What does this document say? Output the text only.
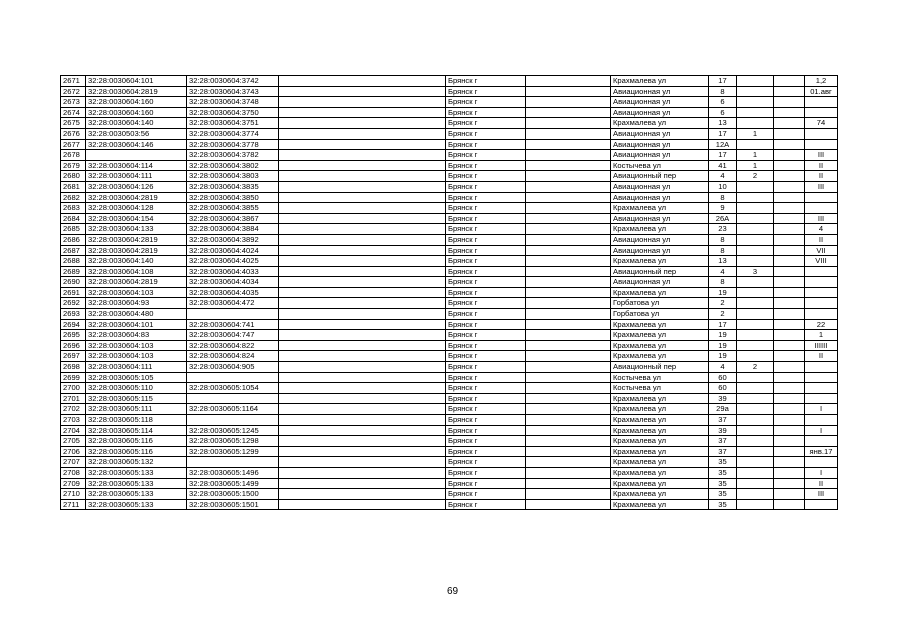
2671	32:28:0030604:101	32:28:0030604:3742		Брянск г		Крахмалева ул	17			1,2
2672	32:28:0030604:2819	32:28:0030604:3743		Брянск г		Авиационная ул	8			01.авг
2673	32:28:0030604:160	32:28:0030604:3748		Брянск г		Авиационная ул	6			
2674	32:28:0030604:160	32:28:0030604:3750		Брянск г		Авиационная ул	6			
2675	32:28:0030604:140	32:28:0030604:3751		Брянск г		Крахмалева ул	13			74
2676	32:28:0030503:56	32:28:0030604:3774		Брянск г		Авиационная ул	17	1		
2677	32:28:0030604:146	32:28:0030604:3778		Брянск г		Авиационная ул	12А			
2678		32:28:0030604:3782		Брянск г		Авиационная ул	17	1		III
2679	32:28:0030604:114	32:28:0030604:3802		Брянск г		Костычева ул	41	1		II
2680	32:28:0030604:111	32:28:0030604:3803		Брянск г		Авиационный пер	4	2		II
2681	32:28:0030604:126	32:28:0030604:3835		Брянск г		Авиационная ул	10			III
2682	32:28:0030604:2819	32:28:0030604:3850		Брянск г		Авиационная ул	8			
2683	32:28:0030604:128	32:28:0030604:3855		Брянск г		Крахмалева ул	9			
2684	32:28:0030604:154	32:28:0030604:3867		Брянск г		Авиационная ул	26А			III
2685	32:28:0030604:133	32:28:0030604:3884		Брянск г		Крахмалева ул	23			4
2686	32:28:0030604:2819	32:28:0030604:3892		Брянск г		Авиационная ул	8			II
2687	32:28:0030604:2819	32:28:0030604:4024		Брянск г		Авиационная ул	8			VII
2688	32:28:0030604:140	32:28:0030604:4025		Брянск г		Крахмалева ул	13			VIII
2689	32:28:0030604:108	32:28:0030604:4033		Брянск г		Авиационный пер	4	3		
2690	32:28:0030604:2819	32:28:0030604:4034		Брянск г		Авиационная ул	8			
2691	32:28:0030604:103	32:28:0030604:4035		Брянск г		Крахмалева ул	19			
2692	32:28:0030604:93	32:28:0030604:472		Брянск г		Горбатова ул	2			
2693	32:28:0030604:480			Брянск г		Горбатова ул	2			
2694	32:28:0030604:101	32:28:0030604:741		Брянск г		Крахмалева ул	17			22
2695	32:28:0030604:83	32:28:0030604:747		Брянск г		Крахмалева ул	19			1
2696	32:28:0030604:103	32:28:0030604:822		Брянск г		Крахмалева ул	19			IIIIII
2697	32:28:0030604:103	32:28:0030604:824		Брянск г		Крахмалева ул	19			II
2698	32:28:0030604:111	32:28:0030604:905		Брянск г		Авиационный пер	4	2		
2699	32:28:0030605:105			Брянск г		Костычева ул	60			
2700	32:28:0030605:110	32:28:0030605:1054		Брянск г		Костычева ул	60			
2701	32:28:0030605:115			Брянск г		Крахмалева ул	39			
2702	32:28:0030605:111	32:28:0030605:1164		Брянск г		Крахмалева ул	29а			I
2703	32:28:0030605:118			Брянск г		Крахмалева ул	37			
2704	32:28:0030605:114	32:28:0030605:1245		Брянск г		Крахмалева ул	39			I
2705	32:28:0030605:116	32:28:0030605:1298		Брянск г		Крахмалева ул	37			
2706	32:28:0030605:116	32:28:0030605:1299		Брянск г		Крахмалева ул	37			янв.17
2707	32:28:0030605:132			Брянск г		Крахмалева ул	35			
2708	32:28:0030605:133	32:28:0030605:1496		Брянск г		Крахмалева ул	35			I
2709	32:28:0030605:133	32:28:0030605:1499		Брянск г		Крахмалева ул	35			II
2710	32:28:0030605:133	32:28:0030605:1500		Брянск г		Крахмалева ул	35			III
2711	32:28:0030605:133	32:28:0030605:1501		Брянск г		Крахмалева ул	35			
69
